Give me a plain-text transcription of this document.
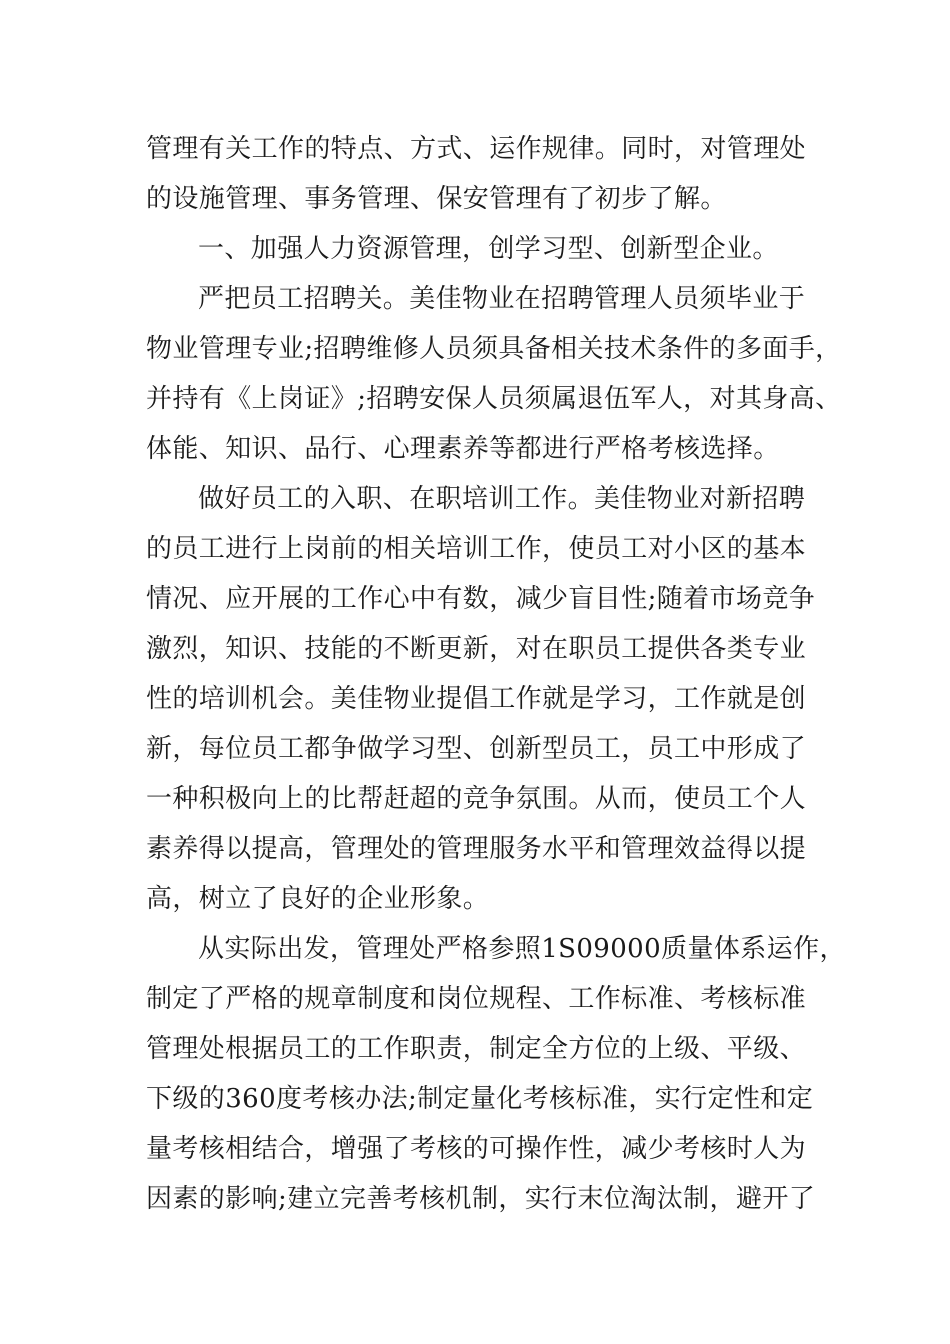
管理有关工作的特点、方式、运作规律。同时，对管理处
的设施管理、事务管理、保安管理有了初步了解。
一、加强人力资源管理，创学习型、创新型企业。
严把员工招聘关。美佳物业在招聘管理人员须毕业于
物业管理专业;招聘维修人员须具备相关技术条件的多面手，
并持有《上岗证》;招聘安保人员须属退伍军人，对其身高、
体能、知识、品行、心理素养等都进行严格考核选择。
做好员工的入职、在职培训工作。美佳物业对新招聘
的员工进行上岗前的相关培训工作，使员工对小区的基本
情况、应开展的工作心中有数，减少盲目性;随着市场竞争
激烈，知识、技能的不断更新，对在职员工提供各类专业
性的培训机会。美佳物业提倡工作就是学习，工作就是创
新，每位员工都争做学习型、创新型员工，员工中形成了
一种积极向上的比帮赶超的竞争氛围。从而，使员工个人
素养得以提高，管理处的管理服务水平和管理效益得以提
高，树立了良好的企业形象。
从实际出发，管理处严格参照1S09000质量体系运作，
制定了严格的规章制度和岗位规程、工作标准、考核标准
管理处根据员工的工作职责，制定全方位的上级、平级、
下级的360度考核办法;制定量化考核标准，实行定性和定
量考核相结合，增强了考核的可操作性，减少考核时人为
因素的影响;建立完善考核机制，实行末位淘汰制，避开了
